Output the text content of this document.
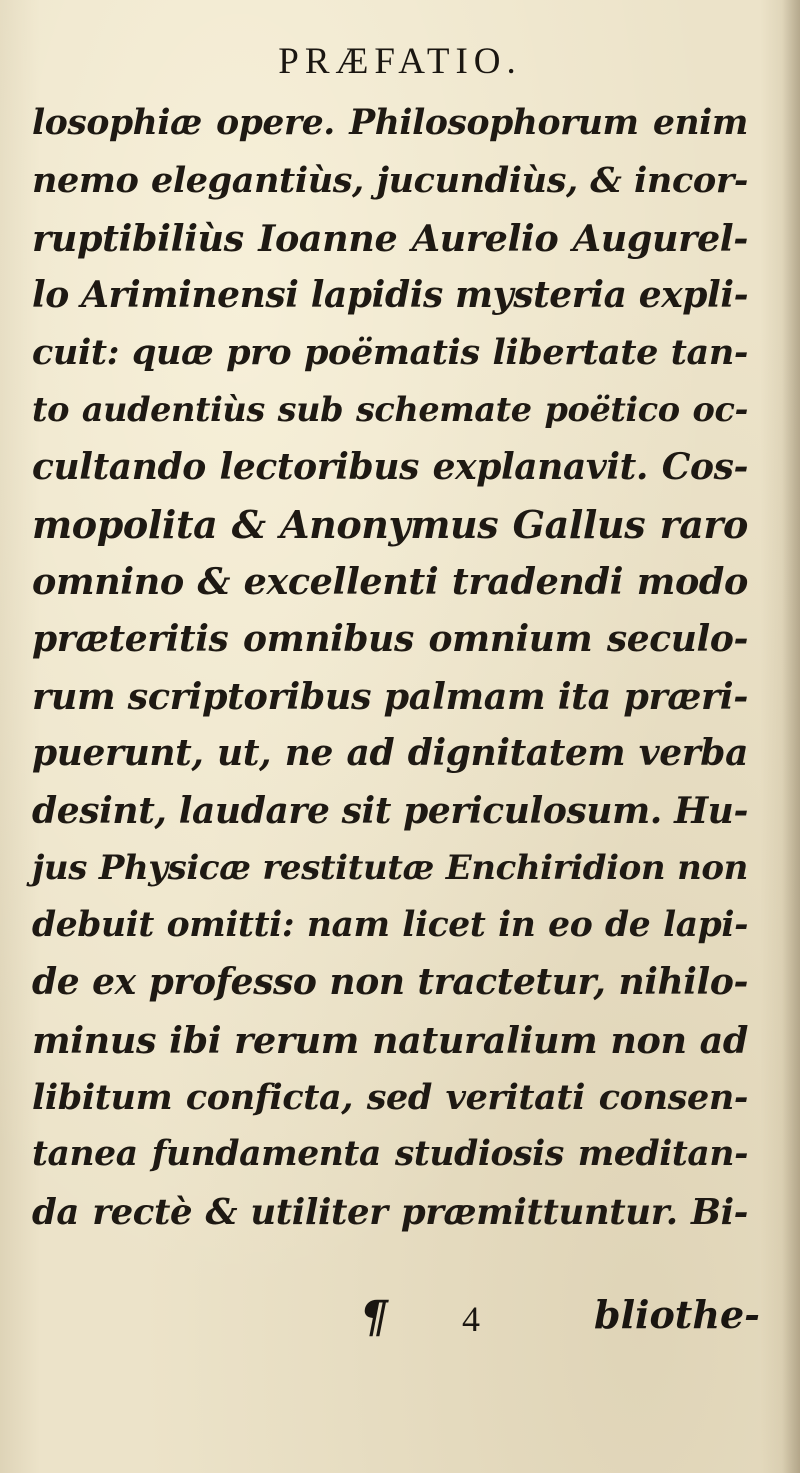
PRÆFATIO.
losophiæ opere. Philosophorum enim
nemo elegantiùs, jucundiùs, & incor-
ruptibiliùs Ioanne Aurelio Augurel-
lo Ariminensi lapidis mysteria expli-
cuit: quæ pro poëmatis libertate tan-
to audentiùs sub schemate poëtico oc-
cultando lectoribus explanavit. Cos-
mopolita & Anonymus Gallus raro
omnino & excellenti tradendi modo
præteritis omnibus omnium seculo-
rum scriptoribus palmam ita præri-
puerunt, ut, ne ad dignitatem verba
desint, laudare sit periculosum. Hu-
jus Physicæ restitutæ Enchiridion non
debuit omitti: nam licet in eo de lapi-
de ex professo non tractetur, nihilo-
minus ibi rerum naturalium non ad
libitum conficta, sed veritati consen-
tanea fundamenta studiosis meditan-
da rectè & utiliter præmittuntur. Bi-
¶ 4	bliothe-
